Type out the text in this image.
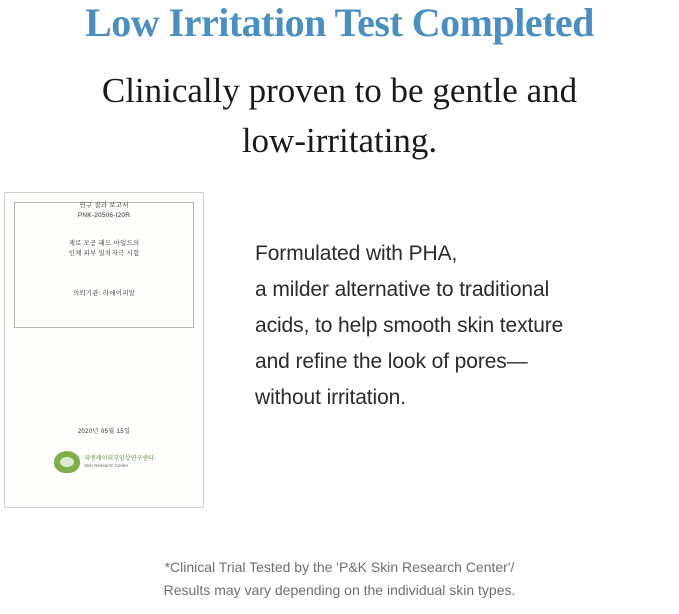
Low Irritation Test Completed
Clinically proven to be gentle and
low-irritating.
연구 결과 보고서
PNK-20506-I20R
제로 모공 패드 마일드의
인체 피부 일차자극 시험
의뢰기관: 라에이피알
2020년 05월 15일
피엔케이피부임상연구센타
Skin Research Center

Formulated with PHA,

a milder alternative to traditional

acids, to help smooth skin texture

and refine the look of pores—

without irritation.

*Clinical Trial Tested by the 'P&K Skin Research Center'/
Results may vary depending on the individual skin types.
